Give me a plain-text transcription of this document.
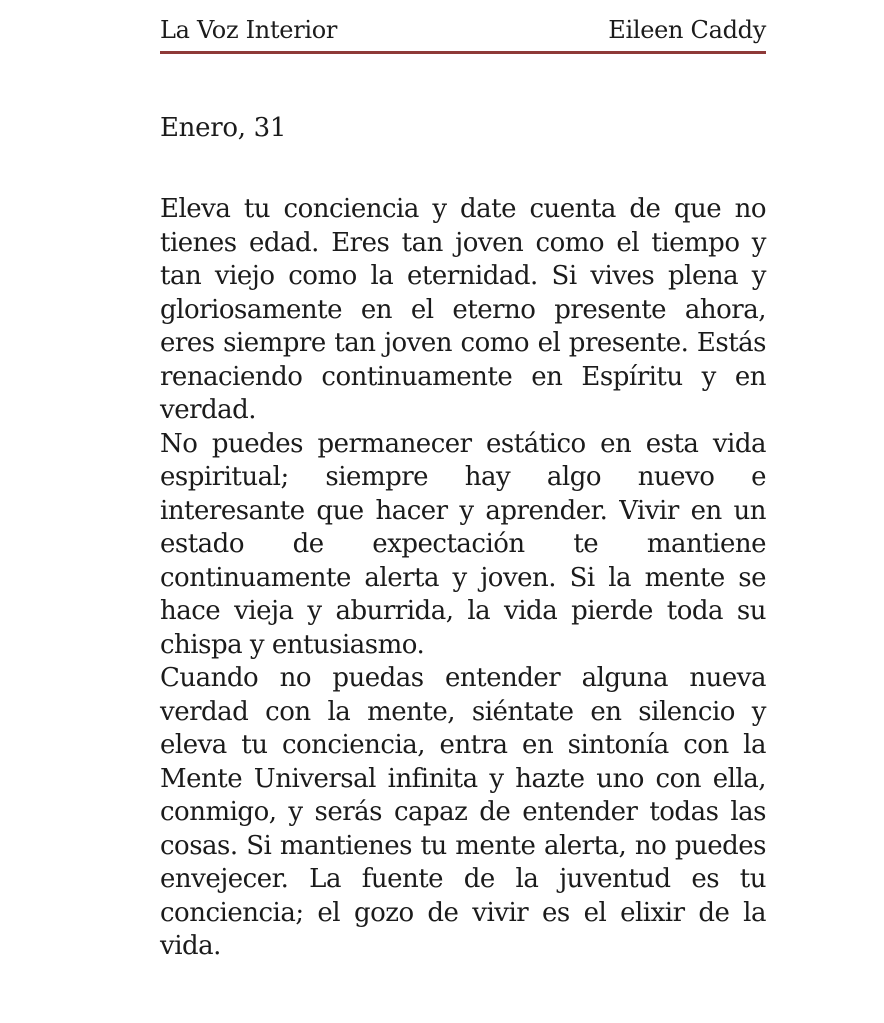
La Voz Interior	Eileen Caddy
Enero, 31

Eleva tu conciencia y date cuenta de que no tienes edad. Eres tan joven como el tiempo y tan viejo como la eternidad. Si vives plena y gloriosamente en el eterno presente ahora, eres siempre tan joven como el presente. Estás renaciendo continuamente en Espíritu y en verdad.

No puedes permanecer estático en esta vida espiritual; siempre hay algo nuevo e interesante que hacer y aprender. Vivir en un estado de expectación te mantiene continuamente alerta y joven. Si la mente se hace vieja y aburrida, la vida pierde toda su chispa y entusiasmo.

Cuando no puedas entender alguna nueva verdad con la mente, siéntate en silencio y eleva tu conciencia, entra en sintonía con la Mente Universal infinita y hazte uno con ella, conmigo, y serás capaz de entender todas las cosas. Si mantienes tu mente alerta, no puedes envejecer. La fuente de la juventud es tu conciencia; el gozo de vivir es el elixir de la vida.
